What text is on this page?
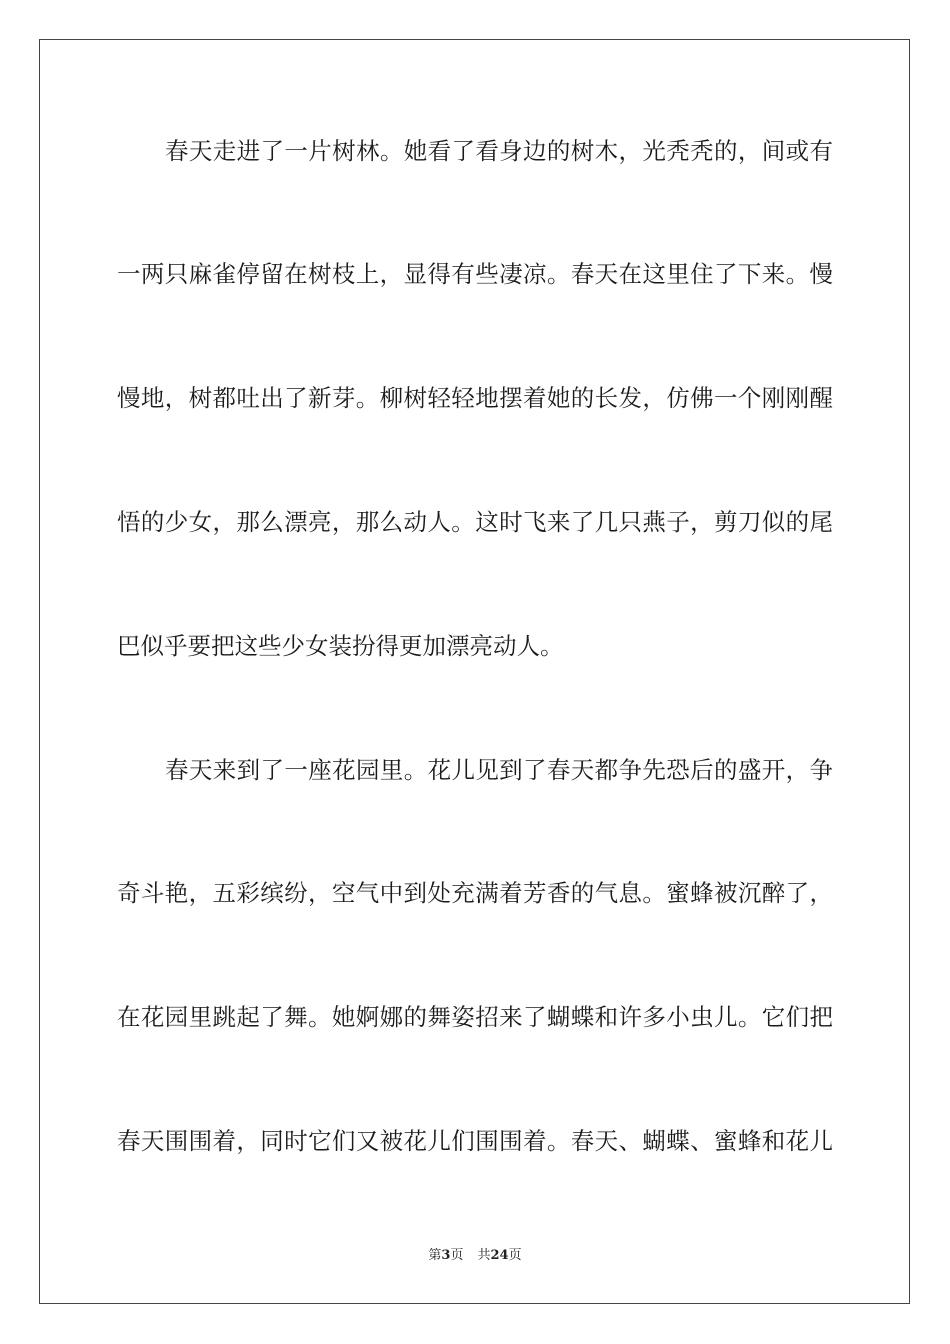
春天走进了一片树林。她看了看身边的树木，光秃秃的，间或有
一两只麻雀停留在树枝上，显得有些凄凉。春天在这里住了下来。慢
慢地，树都吐出了新芽。柳树轻轻地摆着她的长发，仿佛一个刚刚醒
悟的少女，那么漂亮，那么动人。这时飞来了几只燕子，剪刀似的尾
巴似乎要把这些少女装扮得更加漂亮动人。
春天来到了一座花园里。花儿见到了春天都争先恐后的盛开，争
奇斗艳，五彩缤纷，空气中到处充满着芳香的气息。蜜蜂被沉醉了，
在花园里跳起了舞。她婀娜的舞姿招来了蝴蝶和许多小虫儿。它们把
春天围围着，同时它们又被花儿们围围着。春天、蝴蝶、蜜蜂和花儿
第3页 共24页
